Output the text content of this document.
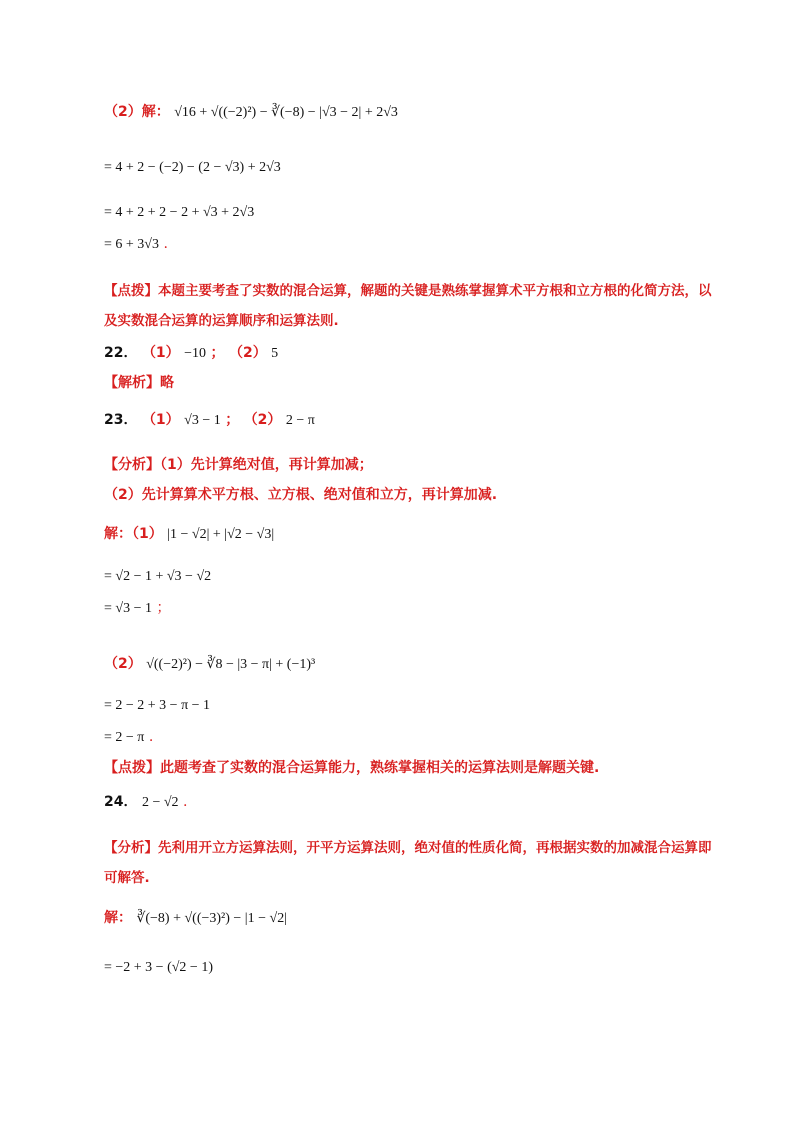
（2）解： √16 + √((−2)²) − ∛(−8) − |√3 − 2| + 2√3
= 4 + 2 − (−2) − (2 − √3) + 2√3
= 4 + 2 + 2 − 2 + √3 + 2√3
= 6 + 3√3 .
【点拨】本题主要考查了实数的混合运算，解题的关键是熟练掌握算术平方根和立方根的化简方法，以及实数混合运算的运算顺序和运算法则.
22． （1） −10 ； （2） 5
【解析】略
23． （1） √3 − 1 ； （2） 2 − π
【分析】（1）先计算绝对值，再计算加减；
（2）先计算算术平方根、立方根、绝对值和立方，再计算加减.
解：（1） |1 − √2| + |√2 − √3|
= √2 − 1 + √3 − √2
= √3 − 1 ；
（2） √((−2)²) − ∛8 − |3 − π| + (−1)³
= 2 − 2 + 3 − π − 1
= 2 − π .
【点拨】此题考查了实数的混合运算能力，熟练掌握相关的运算法则是解题关键.
24． 2 − √2 .
【分析】先利用开立方运算法则，开平方运算法则，绝对值的性质化简，再根据实数的加减混合运算即可解答.
解： ∛(−8) + √((−3)²) − |1 − √2|
= −2 + 3 − (√2 − 1)
